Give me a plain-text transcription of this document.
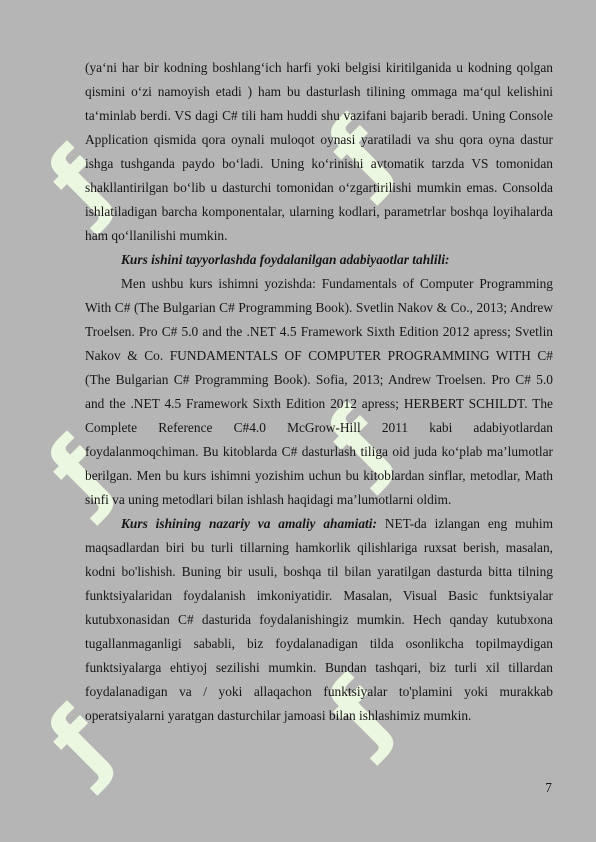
ƒ ƒ
ƒ ƒ
ƒ ƒ

(ya‘ni har bir kodning boshlang‘ich harfi yoki belgisi kiritilganida u kodning qolgan qismini o‘zi namoyish etadi ) ham bu dasturlash tilining ommaga ma‘qul kelishini ta‘minlab berdi. VS dagi C# tili ham huddi shu vazifani bajarib beradi. Uning Console Application qismida qora oynali muloqot oynasi yaratiladi va shu qora oyna dastur ishga tushganda paydo bo‘ladi. Uning ko‘rinishi avtomatik tarzda VS tomonidan shakllantirilgan bo‘lib u dasturchi tomonidan o‘zgartirilishi mumkin emas. Consolda ishlatiladigan barcha komponentalar, ularning kodlari, parametrlar boshqa loyihalarda ham qo‘llanilishi mumkin.

Kurs ishini tayyorlashda foydalanilgan adabiyaotlar tahlili:

Men ushbu kurs ishimni yozishda: Fundamentals of Computer Programming With C# (The Bulgarian C# Programming Book). Svetlin Nakov & Co., 2013; Andrew Troelsen. Pro C# 5.0 and the .NET 4.5 Framework Sixth Edition 2012 apress; Svetlin Nakov & Co. FUNDAMENTALS OF COMPUTER PROGRAMMING WITH C# (The Bulgarian C# Programming Book). Sofia, 2013; Andrew Troelsen. Pro C# 5.0 and the .NET 4.5 Framework Sixth Edition 2012 apress; HERBERT SCHILDT. The Complete Reference C#4.0 McGrow-Hill 2011 kabi adabiyotlardan foydalanmoqchiman. Bu kitoblarda C# dasturlash tiliga oid juda ko‘plab ma’lumotlar berilgan. Men bu kurs ishimni yozishim uchun bu kitoblardan sinflar, metodlar, Math sinfi va uning metodlari bilan ishlash haqidagi ma’lumotlarni oldim.

Kurs ishining nazariy va amaliy ahamiati: NET-da izlangan eng muhim maqsadlardan biri bu turli tillarning hamkorlik qilishlariga ruxsat berish, masalan, kodni bo'lishish. Buning bir usuli, boshqa til bilan yaratilgan dasturda bitta tilning funktsiyalaridan foydalanish imkoniyatidir. Masalan, Visual Basic funktsiyalar kutubxonasidan C# dasturida foydalanishingiz mumkin. Hech qanday kutubxona tugallanmaganligi sababli, biz foydalanadigan tilda osonlikcha topilmaydigan funktsiyalarga ehtiyoj sezilishi mumkin. Bundan tashqari, biz turli xil tillardan foydalanadigan va / yoki allaqachon funktsiyalar to'plamini yoki murakkab operatsiyalarni yaratgan dasturchilar jamoasi bilan ishlashimiz mumkin.

7
